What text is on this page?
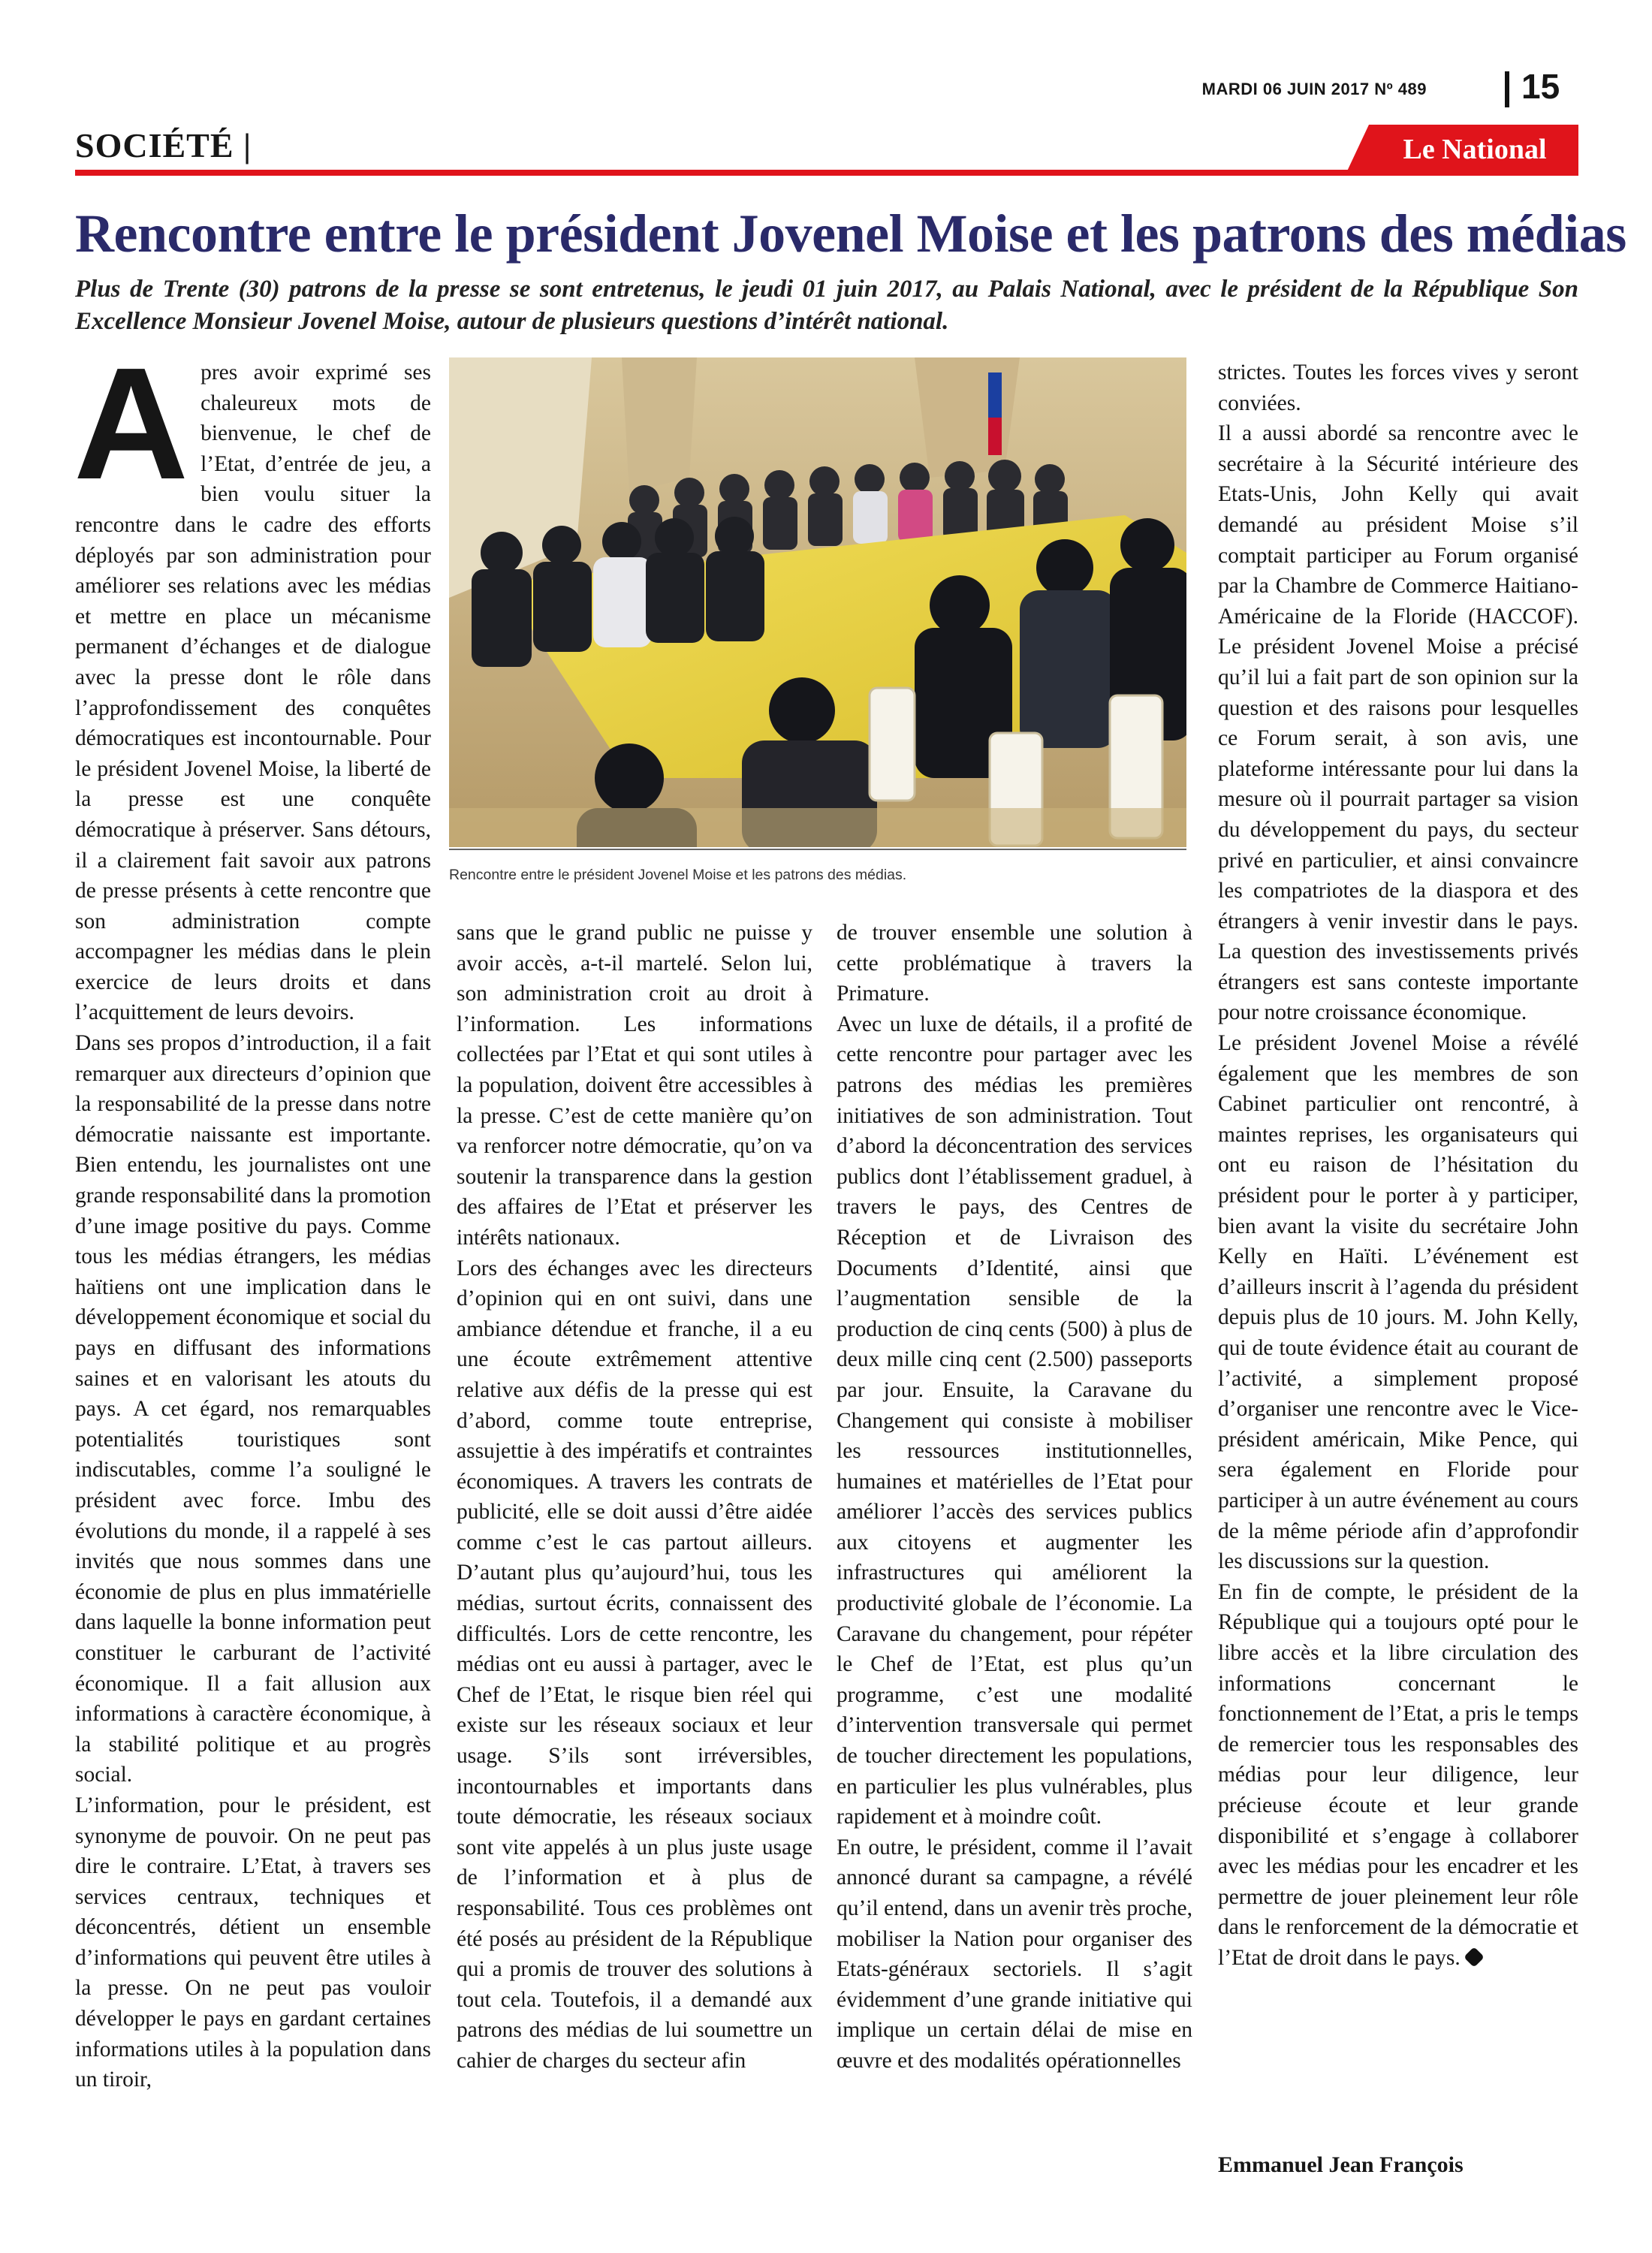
MARDI 06 JUIN 2017 Nº 489	15
SOCIÉTÉ |	Le National
Rencontre entre le président Jovenel Moise et les patrons des médias
Plus de Trente (30) patrons de la presse se sont entretenus, le jeudi 01 juin 2017, au Palais National, avec le président de la République Son Excellence Monsieur Jovenel Moise, autour de plusieurs questions d’intérêt national.
A pres avoir exprimé ses chaleureux mots de bienvenue, le chef de l’Etat, d’entrée de jeu, a bien voulu situer la rencontre dans le cadre des efforts déployés par son administration pour améliorer ses relations avec les médias et mettre en place un mécanisme permanent d’échanges et de dialogue avec la presse dont le rôle dans l’approfondissement des conquêtes démocratiques est incontournable. Pour le président Jovenel Moise, la liberté de la presse est une conquête démocratique à préserver. Sans détours, il a clairement fait savoir aux patrons de presse présents à cette rencontre que son administration compte accompagner les médias dans le plein exercice de leurs droits et dans l’acquittement de leurs devoirs.

Dans ses propos d’introduction, il a fait remarquer aux directeurs d’opinion que la responsabilité de la presse dans notre démocratie naissante est importante. Bien entendu, les journalistes ont une grande responsabilité dans la promotion d’une image positive du pays. Comme tous les médias étrangers, les médias haïtiens ont une implication dans le développement économique et social du pays en diffusant des informations saines et en valorisant les atouts du pays. A cet égard, nos remarquables potentialités touristiques sont indiscutables, comme l’a souligné le président avec force. Imbu des évolutions du monde, il a rappelé à ses invités que nous sommes dans une économie de plus en plus immatérielle dans laquelle la bonne information peut constituer le carburant de l’activité économique. Il a fait allusion aux informations à caractère économique, à la stabilité politique et au progrès social.

L’information, pour le président, est synonyme de pouvoir. On ne peut pas dire le contraire. L’Etat, à travers ses services centraux, techniques et déconcentrés, détient un ensemble d’informations qui peuvent être utiles à la presse. On ne peut pas vouloir développer le pays en gardant certaines informations utiles à la population dans un tiroir,

Rencontre entre le président Jovenel Moise et les patrons des médias.

sans que le grand public ne puisse y avoir accès, a-t-il martelé. Selon lui, son administration croit au droit à l’information. Les informations collectées par l’Etat et qui sont utiles à la population, doivent être accessibles à la presse. C’est de cette manière qu’on va renforcer notre démocratie, qu’on va soutenir la transparence dans la gestion des affaires de l’Etat et préserver les intérêts nationaux.

Lors des échanges avec les directeurs d’opinion qui en ont suivi, dans une ambiance détendue et franche, il a eu une écoute extrêmement attentive relative aux défis de la presse qui est d’abord, comme toute entreprise, assujettie à des impératifs et contraintes économiques. A travers les contrats de publicité, elle se doit aussi d’être aidée comme c’est le cas partout ailleurs. D’autant plus qu’aujourd’hui, tous les médias, surtout écrits, connaissent des difficultés. Lors de cette rencontre, les médias ont eu aussi à partager, avec le Chef de l’Etat, le risque bien réel qui existe sur les réseaux sociaux et leur usage. S’ils sont irréversibles, incontournables et importants dans toute démocratie, les réseaux sociaux sont vite appelés à un plus juste usage de l’information et à plus de responsabilité. Tous ces problèmes ont été posés au président de la République qui a promis de trouver des solutions à tout cela. Toutefois, il a demandé aux patrons des médias de lui soumettre un cahier de charges du secteur afin

de trouver ensemble une solution à cette problématique à travers la Primature.

Avec un luxe de détails, il a profité de cette rencontre pour partager avec les patrons des médias les premières initiatives de son administration. Tout d’abord la déconcentration des services publics dont l’établissement graduel, à travers le pays, des Centres de Réception et de Livraison des Documents d’Identité, ainsi que l’augmentation sensible de la production de cinq cents (500) à plus de deux mille cinq cent (2.500) passeports par jour. Ensuite, la Caravane du Changement qui consiste à mobiliser les ressources institutionnelles, humaines et matérielles de l’Etat pour améliorer l’accès des services publics aux citoyens et augmenter les infrastructures qui améliorent la productivité globale de l’économie. La Caravane du changement, pour répéter le Chef de l’Etat, est plus qu’un programme, c’est une modalité d’intervention transversale qui permet de toucher directement les populations, en particulier les plus vulnérables, plus rapidement et à moindre coût.

En outre, le président, comme il l’avait annoncé durant sa campagne, a révélé qu’il entend, dans un avenir très proche, mobiliser la Nation pour organiser des Etats-généraux sectoriels. Il s’agit évidemment d’une grande initiative qui implique un certain délai de mise en œuvre et des modalités opérationnelles

strictes. Toutes les forces vives y seront conviées.

Il a aussi abordé sa rencontre avec le secrétaire à la Sécurité intérieure des Etats-Unis, John Kelly qui avait demandé au président Moise s’il comptait participer au Forum organisé par la Chambre de Commerce Haitiano-Américaine de la Floride (HACCOF). Le président Jovenel Moise a précisé qu’il lui a fait part de son opinion sur la question et des raisons pour lesquelles ce Forum serait, à son avis, une plateforme intéressante pour lui dans la mesure où il pourrait partager sa vision du développement du pays, du secteur privé en particulier, et ainsi convaincre les compatriotes de la diaspora et des étrangers à venir investir dans le pays. La question des investissements privés étrangers est sans conteste importante pour notre croissance économique.

Le président Jovenel Moise a révélé également que les membres de son Cabinet particulier ont rencontré, à maintes reprises, les organisateurs qui ont eu raison de l’hésitation du président pour le porter à y participer, bien avant la visite du secrétaire John Kelly en Haïti. L’événement est d’ailleurs inscrit à l’agenda du président depuis plus de 10 jours. M. John Kelly, qui de toute évidence était au courant de l’activité, a simplement proposé d’organiser une rencontre avec le Vice-président américain, Mike Pence, qui sera également en Floride pour participer à un autre événement au cours de la même période afin d’approfondir les discussions sur la question.

En fin de compte, le président de la République qui a toujours opté pour le libre accès et la libre circulation des informations concernant le fonctionnement de l’Etat, a pris le temps de remercier tous les responsables des médias pour leur diligence, leur précieuse écoute et leur grande disponibilité et s’engage à collaborer avec les médias pour les encadrer et les permettre de jouer pleinement leur rôle dans le renforcement de la démocratie et l’Etat de droit dans le pays.

Emmanuel Jean François
